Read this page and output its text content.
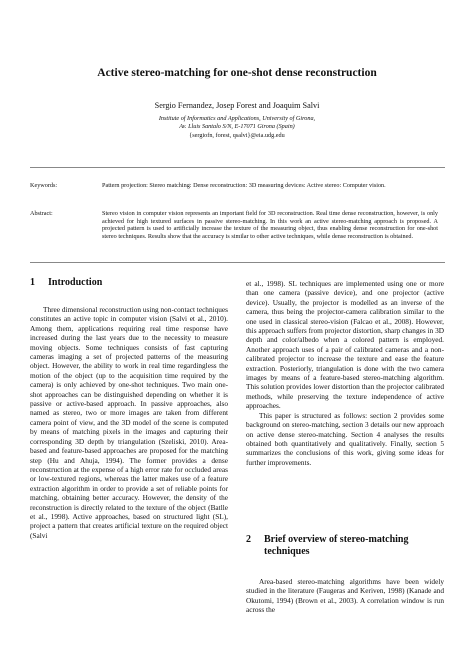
Active stereo-matching for one-shot dense reconstruction
Sergio Fernandez, Josep Forest and Joaquim Salvi
Institute of Informatics and Applications, University of Girona,
Av. Lluis Santalo S/N, E-17071 Girona (Spain)
{sergiofn, forest, qsalvi}@eia.udg.edu
Keywords:	Pattern projection: Stereo matching: Dense reconstruction: 3D measuring devices: Active stereo: Computer vision.
Abstract:	Stereo vision in computer vision represents an important field for 3D reconstruction. Real time dense reconstruction, however, is only achieved for high textured surfaces in passive stereo-matching. In this work an active stereo-matching approach is proposed. A projected pattern is used to artificially increase the texture of the measuring object, thus enabling dense reconstruction for one-shot stereo techniques. Results show that the accuracy is similar to other active techniques, while dense reconstruction is obtained.
1 Introduction

Three dimensional reconstruction using non-contact techniques constitutes an active topic in computer vision (Salvi et al., 2010). Among them, applications requiring real time response have increased during the last years due to the necessity to measure moving objects. Some techniques consists of fast capturing cameras imaging a set of projected patterns of the measuring object. However, the ability to work in real time regardingless the motion of the object (up to the acquisition time required by the camera) is only achieved by one-shot techniques. Two main one-shot approaches can be distinguished depending on whether it is passive or active-based approach. In passive approaches, also named as stereo, two or more images are taken from different camera point of view, and the 3D model of the scene is computed by means of matching pixels in the images and capturing their corresponding 3D depth by triangulation (Szeliski, 2010). Area-based and feature-based approaches are proposed for the matching step (Hu and Ahuja, 1994). The former provides a dense reconstruction at the expense of a high error rate for occluded areas or low-textured regions, whereas the latter makes use of a feature extraction algorithm in order to provide a set of reliable points for matching, obtaining better accuracy. However, the density of the reconstruction is directly related to the texture of the object (Batlle et al., 1998). Active approaches, based on structured light (SL), project a pattern that creates artificial texture on the required object (Salvi

et al., 1998). SL techniques are implemented using one or more than one camera (passive device), and one projector (active device). Usually, the projector is modelled as an inverse of the camera, thus being the projector-camera calibration similar to the one used in classical stereo-vision (Falcao et al., 2008). However, this approach suffers from projector distortion, sharp changes in 3D depth and color/albedo when a colored pattern is employed. Another approach uses of a pair of calibrated cameras and a non-calibrated projector to increase the texture and ease the feature extraction. Posteriorly, triangulation is done with the two camera images by means of a feature-based stereo-matching algorithm. This solution provides lower distortion than the projector calibrated methods, while preserving the texture independence of active approaches.

This paper is structured as follows: section 2 provides some background on stereo-matching, section 3 details our new approach on active dense stereo-matching. Section 4 analyses the results obtained both quantitatively and qualitatively. Finally, section 5 summarizes the conclusions of this work, giving some ideas for further improvements.

2 Brief overview of stereo-matching techniques

Area-based stereo-matching algorithms have been widely studied in the literature (Faugeras and Keriven, 1998) (Kanade and Okutomi, 1994) (Brown et al., 2003). A correlation window is run across the
